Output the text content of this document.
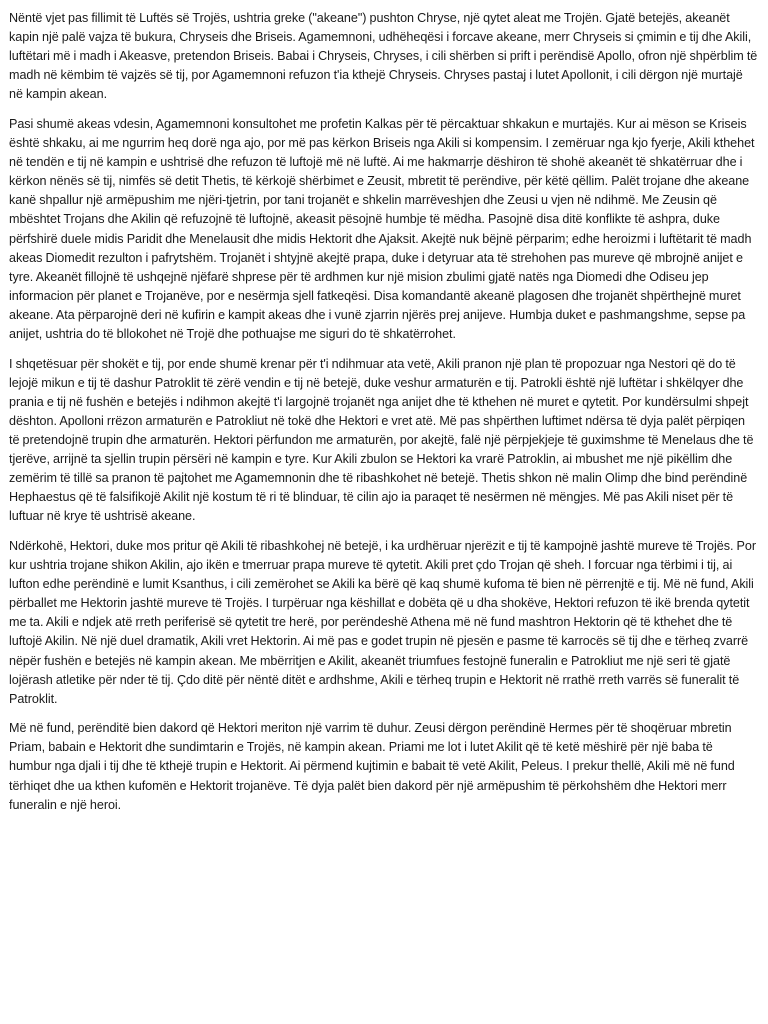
Nëntë vjet pas fillimit të Luftës së Trojës, ushtria greke ("akeane") pushton Chryse, një qytet aleat me Trojën. Gjatë betejës, akeanët kapin një palë vajza të bukura, Chryseis dhe Briseis. Agamemnoni, udhëheqësi i forcave akeane, merr Chryseis si çmimin e tij dhe Akili, luftëtari më i madh i Akeasve, pretendon Briseis. Babai i Chryseis, Chryses, i cili shërben si prift i perëndisë Apollo, ofron një shpërblim të madh në këmbim të vajzës së tij, por Agamemnoni refuzon t'ia kthejë Chryseis. Chryses pastaj i lutet Apollonit, i cili dërgon një murtajë në kampin akean.

Pasi shumë akeas vdesin, Agamemnoni konsultohet me profetin Kalkas për të përcaktuar shkakun e murtajës. Kur ai mëson se Kriseis është shkaku, ai me ngurrim heq dorë nga ajo, por më pas kërkon Briseis nga Akili si kompensim. I zemëruar nga kjo fyerje, Akili kthehet në tendën e tij në kampin e ushtrisë dhe refuzon të luftojë më në luftë. Ai me hakmarrje dëshiron të shohë akeanët të shkatërruar dhe i kërkon nënës së tij, nimfës së detit Thetis, të kërkojë shërbimet e Zeusit, mbretit të perëndive, për këtë qëllim. Palët trojane dhe akeane kanë shpallur një armëpushim me njëri-tjetrin, por tani trojanët e shkelin marrëveshjen dhe Zeusi u vjen në ndihmë. Me Zeusin që mbështet Trojans dhe Akilin që refuzojnë të luftojnë, akeasit pësojnë humbje të mëdha. Pasojnë disa ditë konflikte të ashpra, duke përfshirë duele midis Paridit dhe Menelausit dhe midis Hektorit dhe Ajaksit. Akejtë nuk bëjnë përparim; edhe heroizmi i luftëtarit të madh akeas Diomedit rezulton i pafrytshëm. Trojanët i shtyjnë akejtë prapa, duke i detyruar ata të strehohen pas mureve që mbrojnë anijet e tyre. Akeanët fillojnë të ushqejnë njëfarë shprese për të ardhmen kur një mision zbulimi gjatë natës nga Diomedi dhe Odiseu jep informacion për planet e Trojanëve, por e nesërmja sjell fatkeqësi. Disa komandantë akeanë plagosen dhe trojanët shpërthejnë muret akeane. Ata përparojnë deri në kufirin e kampit akeas dhe i vunë zjarrin njërës prej anijeve. Humbja duket e pashmangshme, sepse pa anijet, ushtria do të bllokohet në Trojë dhe pothuajse me siguri do të shkatërrohet.

I shqetësuar për shokët e tij, por ende shumë krenar për t'i ndihmuar ata vetë, Akili pranon një plan të propozuar nga Nestori që do të lejojë mikun e tij të dashur Patroklit të zërë vendin e tij në betejë, duke veshur armaturën e tij. Patrokli është një luftëtar i shkëlqyer dhe prania e tij në fushën e betejës i ndihmon akejtë t'i largojnë trojanët nga anijet dhe të kthehen në muret e qytetit. Por kundërsulmi shpejt dështon. Apolloni rrëzon armaturën e Patrokliut në tokë dhe Hektori e vret atë. Më pas shpërthen luftimet ndërsa të dyja palët përpiqen të pretendojnë trupin dhe armaturën. Hektori përfundon me armaturën, por akejtë, falë një përpjekjeje të guximshme të Menelaus dhe të tjerëve, arrijnë ta sjellin trupin përsëri në kampin e tyre. Kur Akili zbulon se Hektori ka vrarë Patroklin, ai mbushet me një pikëllim dhe zemërim të tillë sa pranon të pajtohet me Agamemnonin dhe të ribashkohet në betejë. Thetis shkon në malin Olimp dhe bind perëndinë Hephaestus që të falsifikojë Akilit një kostum të ri të blinduar, të cilin ajo ia paraqet të nesërmen në mëngjes. Më pas Akili niset për të luftuar në krye të ushtrisë akeane.

Ndërkohë, Hektori, duke mos pritur që Akili të ribashkohej në betejë, i ka urdhëruar njerëzit e tij të kampojnë jashtë mureve të Trojës. Por kur ushtria trojane shikon Akilin, ajo ikën e tmerruar prapa mureve të qytetit. Akili pret çdo Trojan që sheh. I forcuar nga tërbimi i tij, ai lufton edhe perëndinë e lumit Ksanthus, i cili zemërohet se Akili ka bërë që kaq shumë kufoma të bien në përrenjtë e tij. Më në fund, Akili përballet me Hektorin jashtë mureve të Trojës. I turpëruar nga këshillat e dobëta që u dha shokëve, Hektori refuzon të ikë brenda qytetit me ta. Akili e ndjek atë rreth periferisë së qytetit tre herë, por perëndeshë Athena më në fund mashtron Hektorin që të kthehet dhe të luftojë Akilin. Në një duel dramatik, Akili vret Hektorin. Ai më pas e godet trupin në pjesën e pasme të karrocës së tij dhe e tërheq zvarrë nëpër fushën e betejës në kampin akean. Me mbërritjen e Akilit, akeanët triumfues festojnë funeralin e Patrokliut me një seri të gjatë lojërash atletike për nder të tij. Çdo ditë për nëntë ditët e ardhshme, Akili e tërheq trupin e Hektorit në rrathë rreth varrës së funeralit të Patroklit.

Më në fund, perënditë bien dakord që Hektori meriton një varrim të duhur. Zeusi dërgon perëndinë Hermes për të shoqëruar mbretin Priam, babain e Hektorit dhe sundimtarin e Trojës, në kampin akean. Priami me lot i lutet Akilit që të ketë mëshirë për një baba të humbur nga djali i tij dhe të kthejë trupin e Hektorit. Ai përmend kujtimin e babait të vetë Akilit, Peleus. I prekur thellë, Akili më në fund tërhiqet dhe ua kthen kufomën e Hektorit trojanëve. Të dyja palët bien dakord për një armëpushim të përkohshëm dhe Hektori merr funeralin e një heroi.
